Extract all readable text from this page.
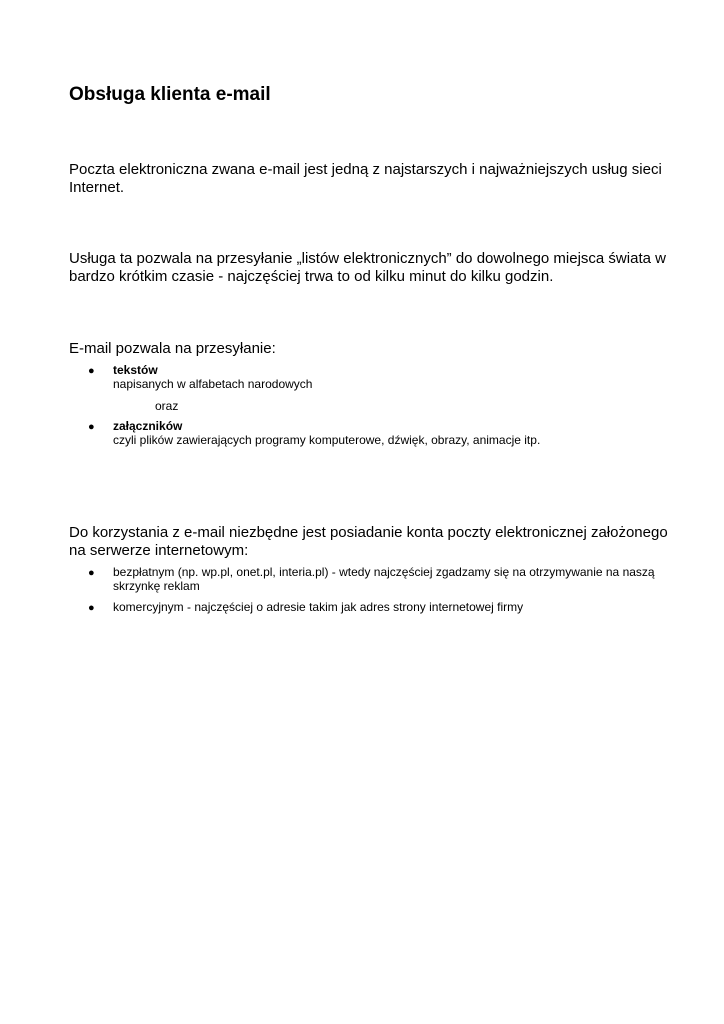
Obsługa klienta e-mail

Poczta elektroniczna zwana e-mail jest jedną z najstarszych i najważniejszych usług sieci Internet.

Usługa ta pozwala na przesyłanie „listów elektronicznych” do dowolnego miejsca świata w bardzo krótkim czasie - najczęściej trwa to od kilku minut do kilku godzin.

E-mail pozwala na przesyłanie:

● tekstów
napisanych w alfabetach narodowych
oraz
● załączników
czyli plików zawierających programy komputerowe, dźwięk, obrazy, animacje itp.

Do korzystania z e-mail niezbędne jest posiadanie konta poczty elektronicznej założonego na serwerze internetowym:

● bezpłatnym (np. wp.pl, onet.pl, interia.pl) - wtedy najczęściej zgadzamy się na otrzymywanie na naszą skrzynkę reklam
● komercyjnym - najczęściej o adresie takim jak adres strony internetowej firmy
